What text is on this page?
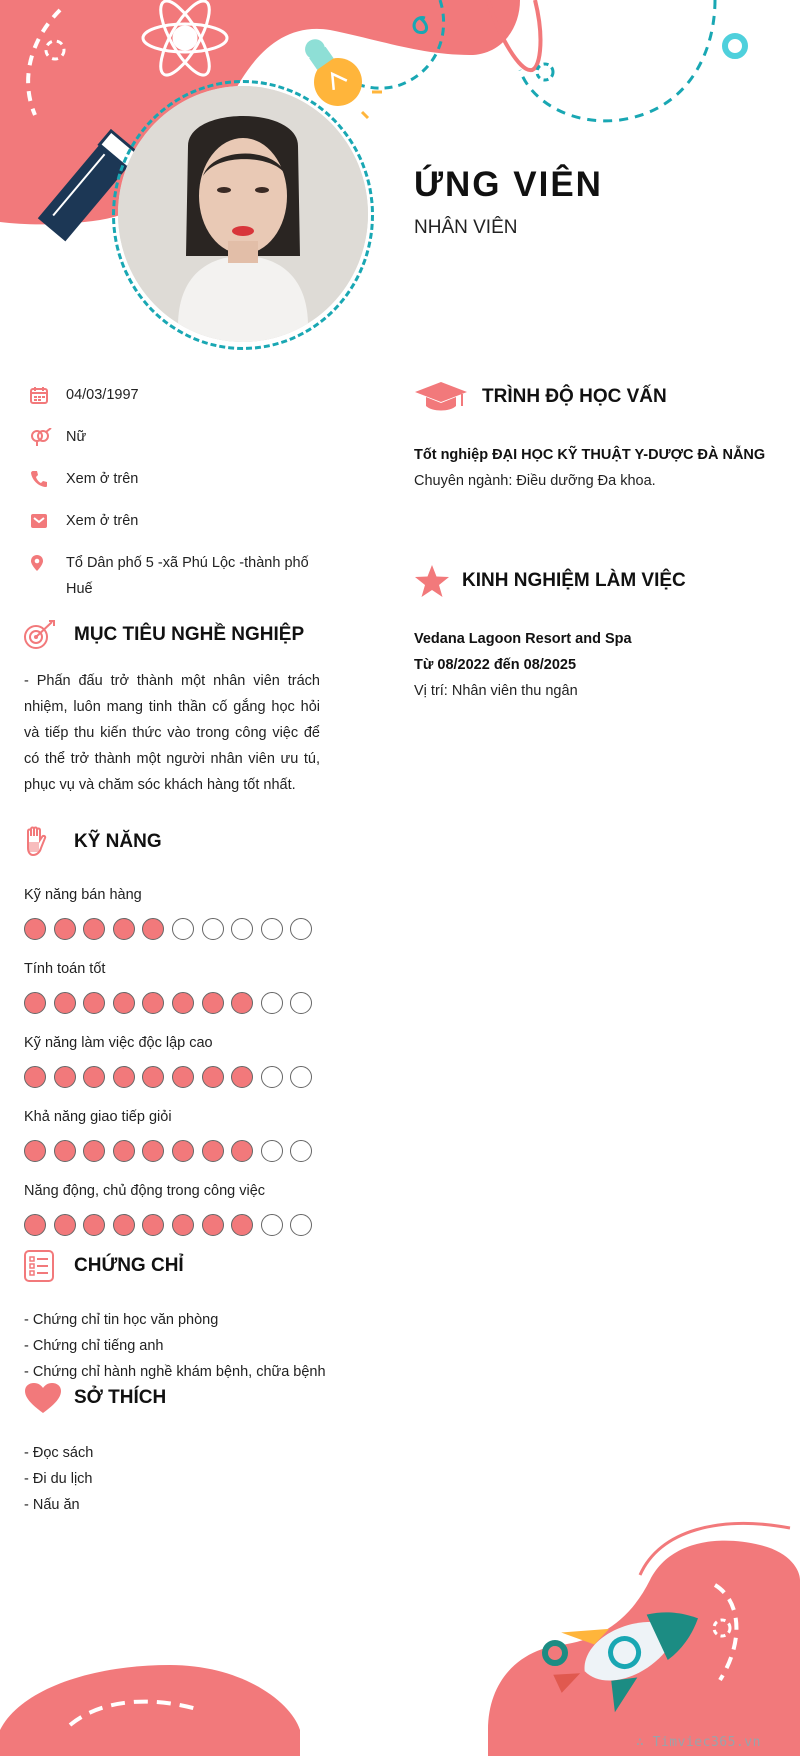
ỨNG VIÊN
NHÂN VIÊN
04/03/1997
Nữ
Xem ở trên
Xem ở trên
Tổ Dân phố 5 -xã Phú Lộc -thành phố Huế
MỤC TIÊU NGHỀ NGHIỆP
- Phấn đấu trở thành một nhân viên trách nhiệm, luôn mang tinh thần cố gắng học hỏi và tiếp thu kiến thức vào trong công việc để có thể trở thành một người nhân viên ưu tú, phục vụ và chăm sóc khách hàng tốt nhất.
KỸ NĂNG
Kỹ năng bán hàng
Tính toán tốt
Kỹ năng làm việc độc lập cao
Khả năng giao tiếp giỏi
Năng động, chủ động trong công việc
CHỨNG CHỈ
- Chứng chỉ tin học văn phòng
- Chứng chỉ tiếng anh
- Chứng chỉ hành nghề khám bệnh, chữa bệnh
SỞ THÍCH
- Đọc sách
- Đi du lịch
- Nấu ăn
TRÌNH ĐỘ HỌC VẤN
Tốt nghiệp ĐẠI HỌC KỸ THUẬT Y-DƯỢC ĐÀ NẴNG
Chuyên ngành: Điều dưỡng Đa khoa.
KINH NGHIỆM LÀM VIỆC
Vedana Lagoon Resort and Spa
Từ 08/2022 đến 08/2025
Vị trí: Nhân viên thu ngân
∴ Timviec365.vn
